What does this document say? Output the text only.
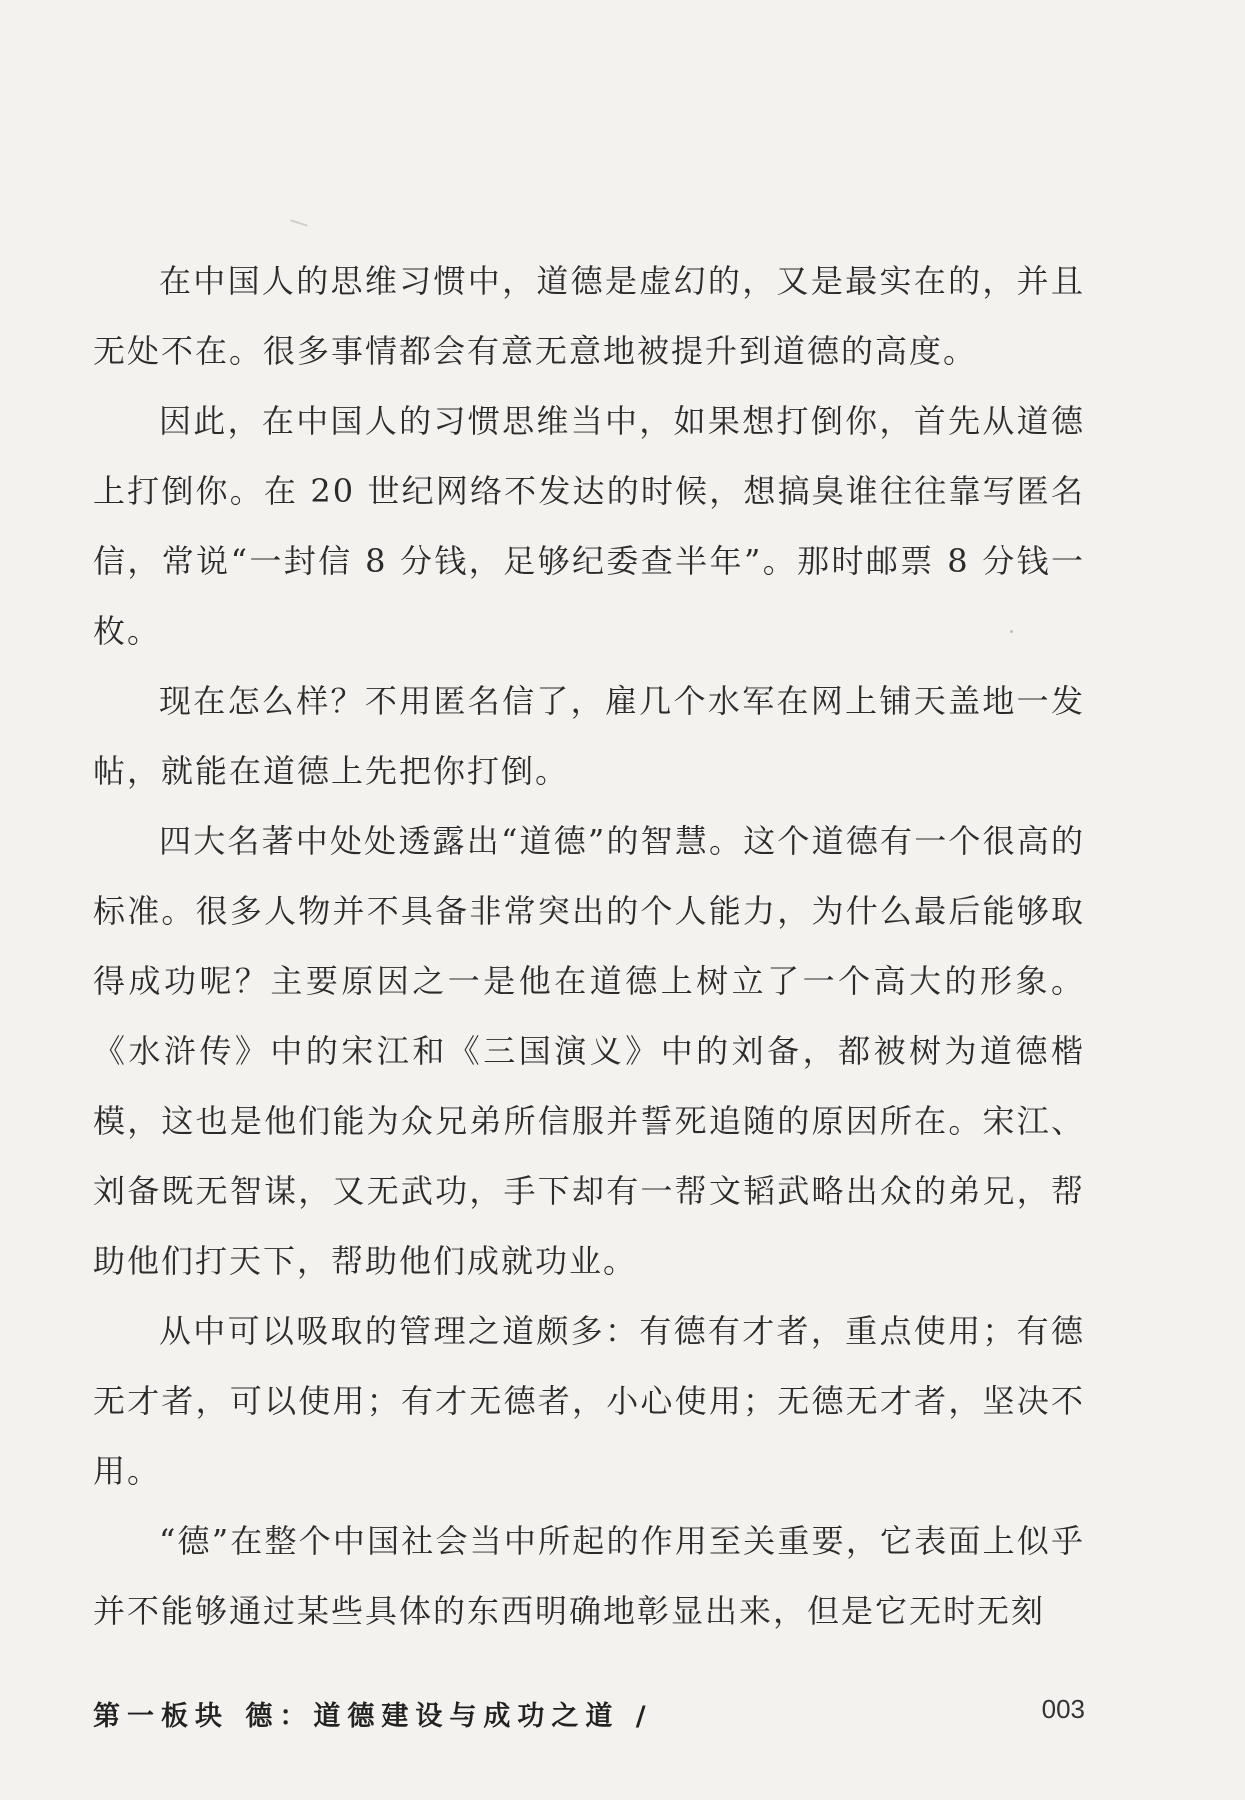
在中国人的思维习惯中，道德是虚幻的，又是最实在的，并且无处不在。很多事情都会有意无意地被提升到道德的高度。

因此，在中国人的习惯思维当中，如果想打倒你，首先从道德上打倒你。在 20 世纪网络不发达的时候，想搞臭谁往往靠写匿名信，常说“一封信 8 分钱，足够纪委查半年”。那时邮票 8 分钱一枚。

现在怎么样？不用匿名信了，雇几个水军在网上铺天盖地一发帖，就能在道德上先把你打倒。

四大名著中处处透露出“道德”的智慧。这个道德有一个很高的标准。很多人物并不具备非常突出的个人能力，为什么最后能够取得成功呢？主要原因之一是他在道德上树立了一个高大的形象。《水浒传》中的宋江和《三国演义》中的刘备，都被树为道德楷模，这也是他们能为众兄弟所信服并誓死追随的原因所在。宋江、刘备既无智谋，又无武功，手下却有一帮文韬武略出众的弟兄，帮助他们打天下，帮助他们成就功业。

从中可以吸取的管理之道颇多：有德有才者，重点使用；有德无才者，可以使用；有才无德者，小心使用；无德无才者，坚决不用。

“德”在整个中国社会当中所起的作用至关重要，它表面上似乎并不能够通过某些具体的东西明确地彰显出来，但是它无时无刻

第一板块 德：道德建设与成功之道 /	003
